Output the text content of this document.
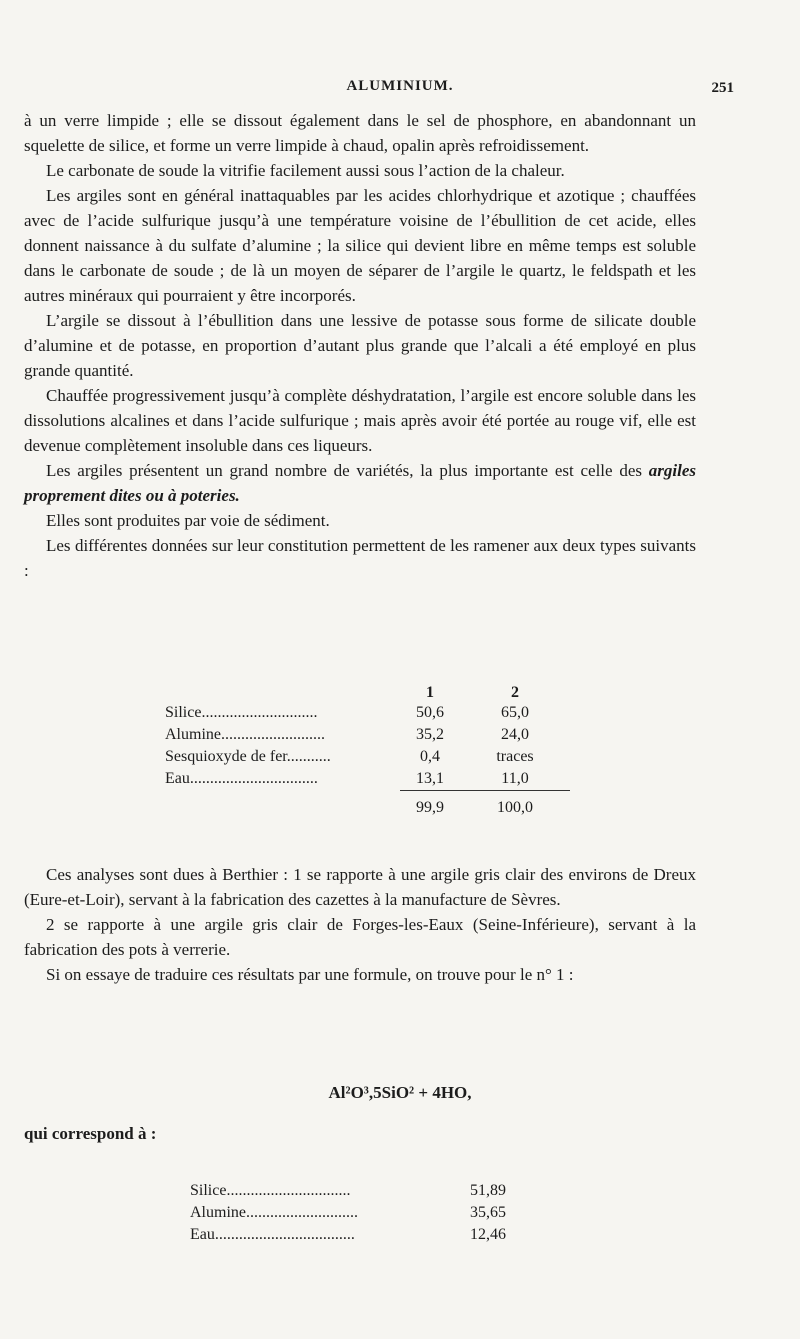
ALUMINIUM.	251

à un verre limpide ; elle se dissout également dans le sel de phosphore, en abandonnant un squelette de silice, et forme un verre limpide à chaud, opalin après refroidissement.

Le carbonate de soude la vitrifie facilement aussi sous l’action de la chaleur.

Les argiles sont en général inattaquables par les acides chlorhydrique et azotique ; chauffées avec de l’acide sulfurique jusqu’à une température voisine de l’ébullition de cet acide, elles donnent naissance à du sulfate d’alumine ; la silice qui devient libre en même temps est soluble dans le carbonate de soude ; de là un moyen de séparer de l’argile le quartz, le feldspath et les autres minéraux qui pourraient y être incorporés.

L’argile se dissout à l’ébullition dans une lessive de potasse sous forme de silicate double d’alumine et de potasse, en proportion d’autant plus grande que l’alcali a été employé en plus grande quantité.

Chauffée progressivement jusqu’à complète déshydratation, l’argile est encore soluble dans les dissolutions alcalines et dans l’acide sulfurique ; mais après avoir été portée au rouge vif, elle est devenue complètement insoluble dans ces liqueurs.

Les argiles présentent un grand nombre de variétés, la plus importante est celle des argiles proprement dites ou à poteries.

Elles sont produites par voie de sédiment.

Les différentes données sur leur constitution permettent de les ramener aux deux types suivants :

	1	2
Silice.............................	50,6	65,0
Alumine..........................	35,2	24,0
Sesquioxyde de fer...........	0,4	traces
Eau................................	13,1	11,0
	99,9	100,0

Ces analyses sont dues à Berthier : 1 se rapporte à une argile gris clair des environs de Dreux (Eure-et-Loir), servant à la fabrication des cazettes à la manufacture de Sèvres.

2 se rapporte à une argile gris clair de Forges-les-Eaux (Seine-Inférieure), servant à la fabrication des pots à verrerie.

Si on essaye de traduire ces résultats par une formule, on trouve pour le n° 1 :

Al²O³,5SiO² + 4HO,
qui correspond à :
Silice...............................	51,89
Alumine............................	35,65
Eau...................................	12,46
